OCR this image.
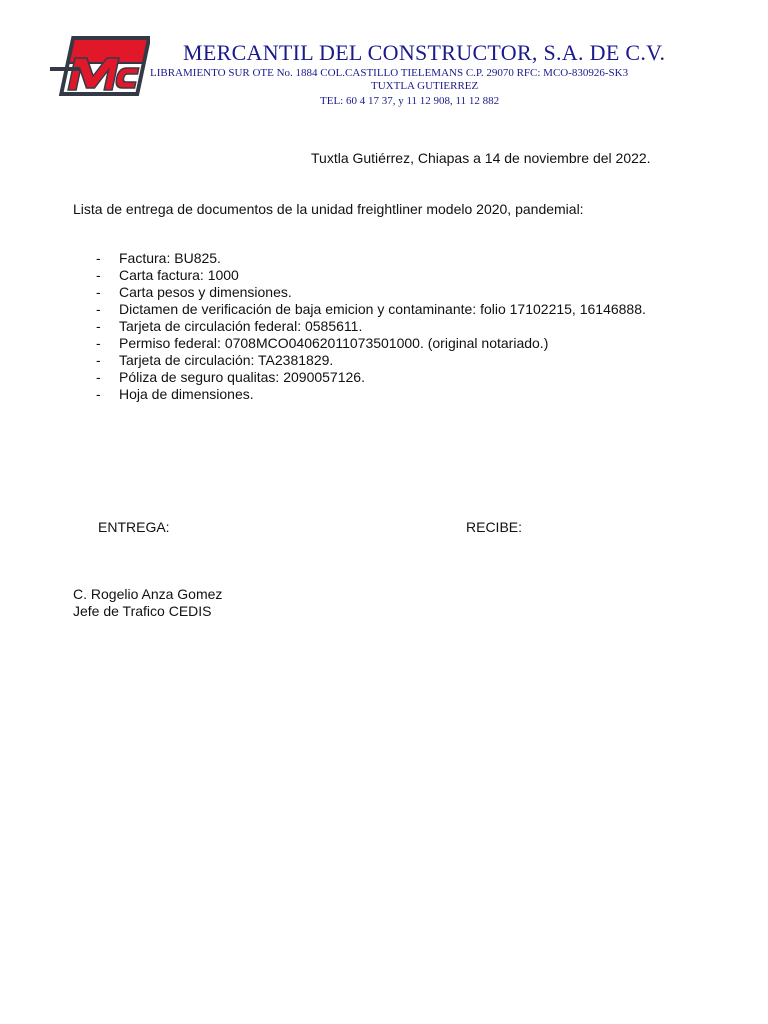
MERCANTIL DEL CONSTRUCTOR, S.A. DE C.V.
LIBRAMIENTO SUR OTE No. 1884 COL.CASTILLO TIELEMANS C.P. 29070 RFC: MCO-830926-SK3
TUXTLA GUTIERREZ
TEL: 60 4 17 37, y 11 12 908, 11 12 882
Tuxtla Gutiérrez, Chiapas a 14 de noviembre del 2022.
Lista de entrega de documentos de la unidad freightliner modelo 2020, pandemial:
- Factura: BU825.
- Carta factura: 1000
- Carta pesos y dimensiones.
- Dictamen de verificación de baja emicion y contaminante: folio 17102215, 16146888.
- Tarjeta de circulación federal: 0585611.
- Permiso federal: 0708MCO04062011073501000. (original notariado.)
- Tarjeta de circulación: TA2381829.
- Póliza de seguro qualitas: 2090057126.
- Hoja de dimensiones.
ENTREGA:	RECIBE:
C. Rogelio Anza Gomez
Jefe de Trafico CEDIS
